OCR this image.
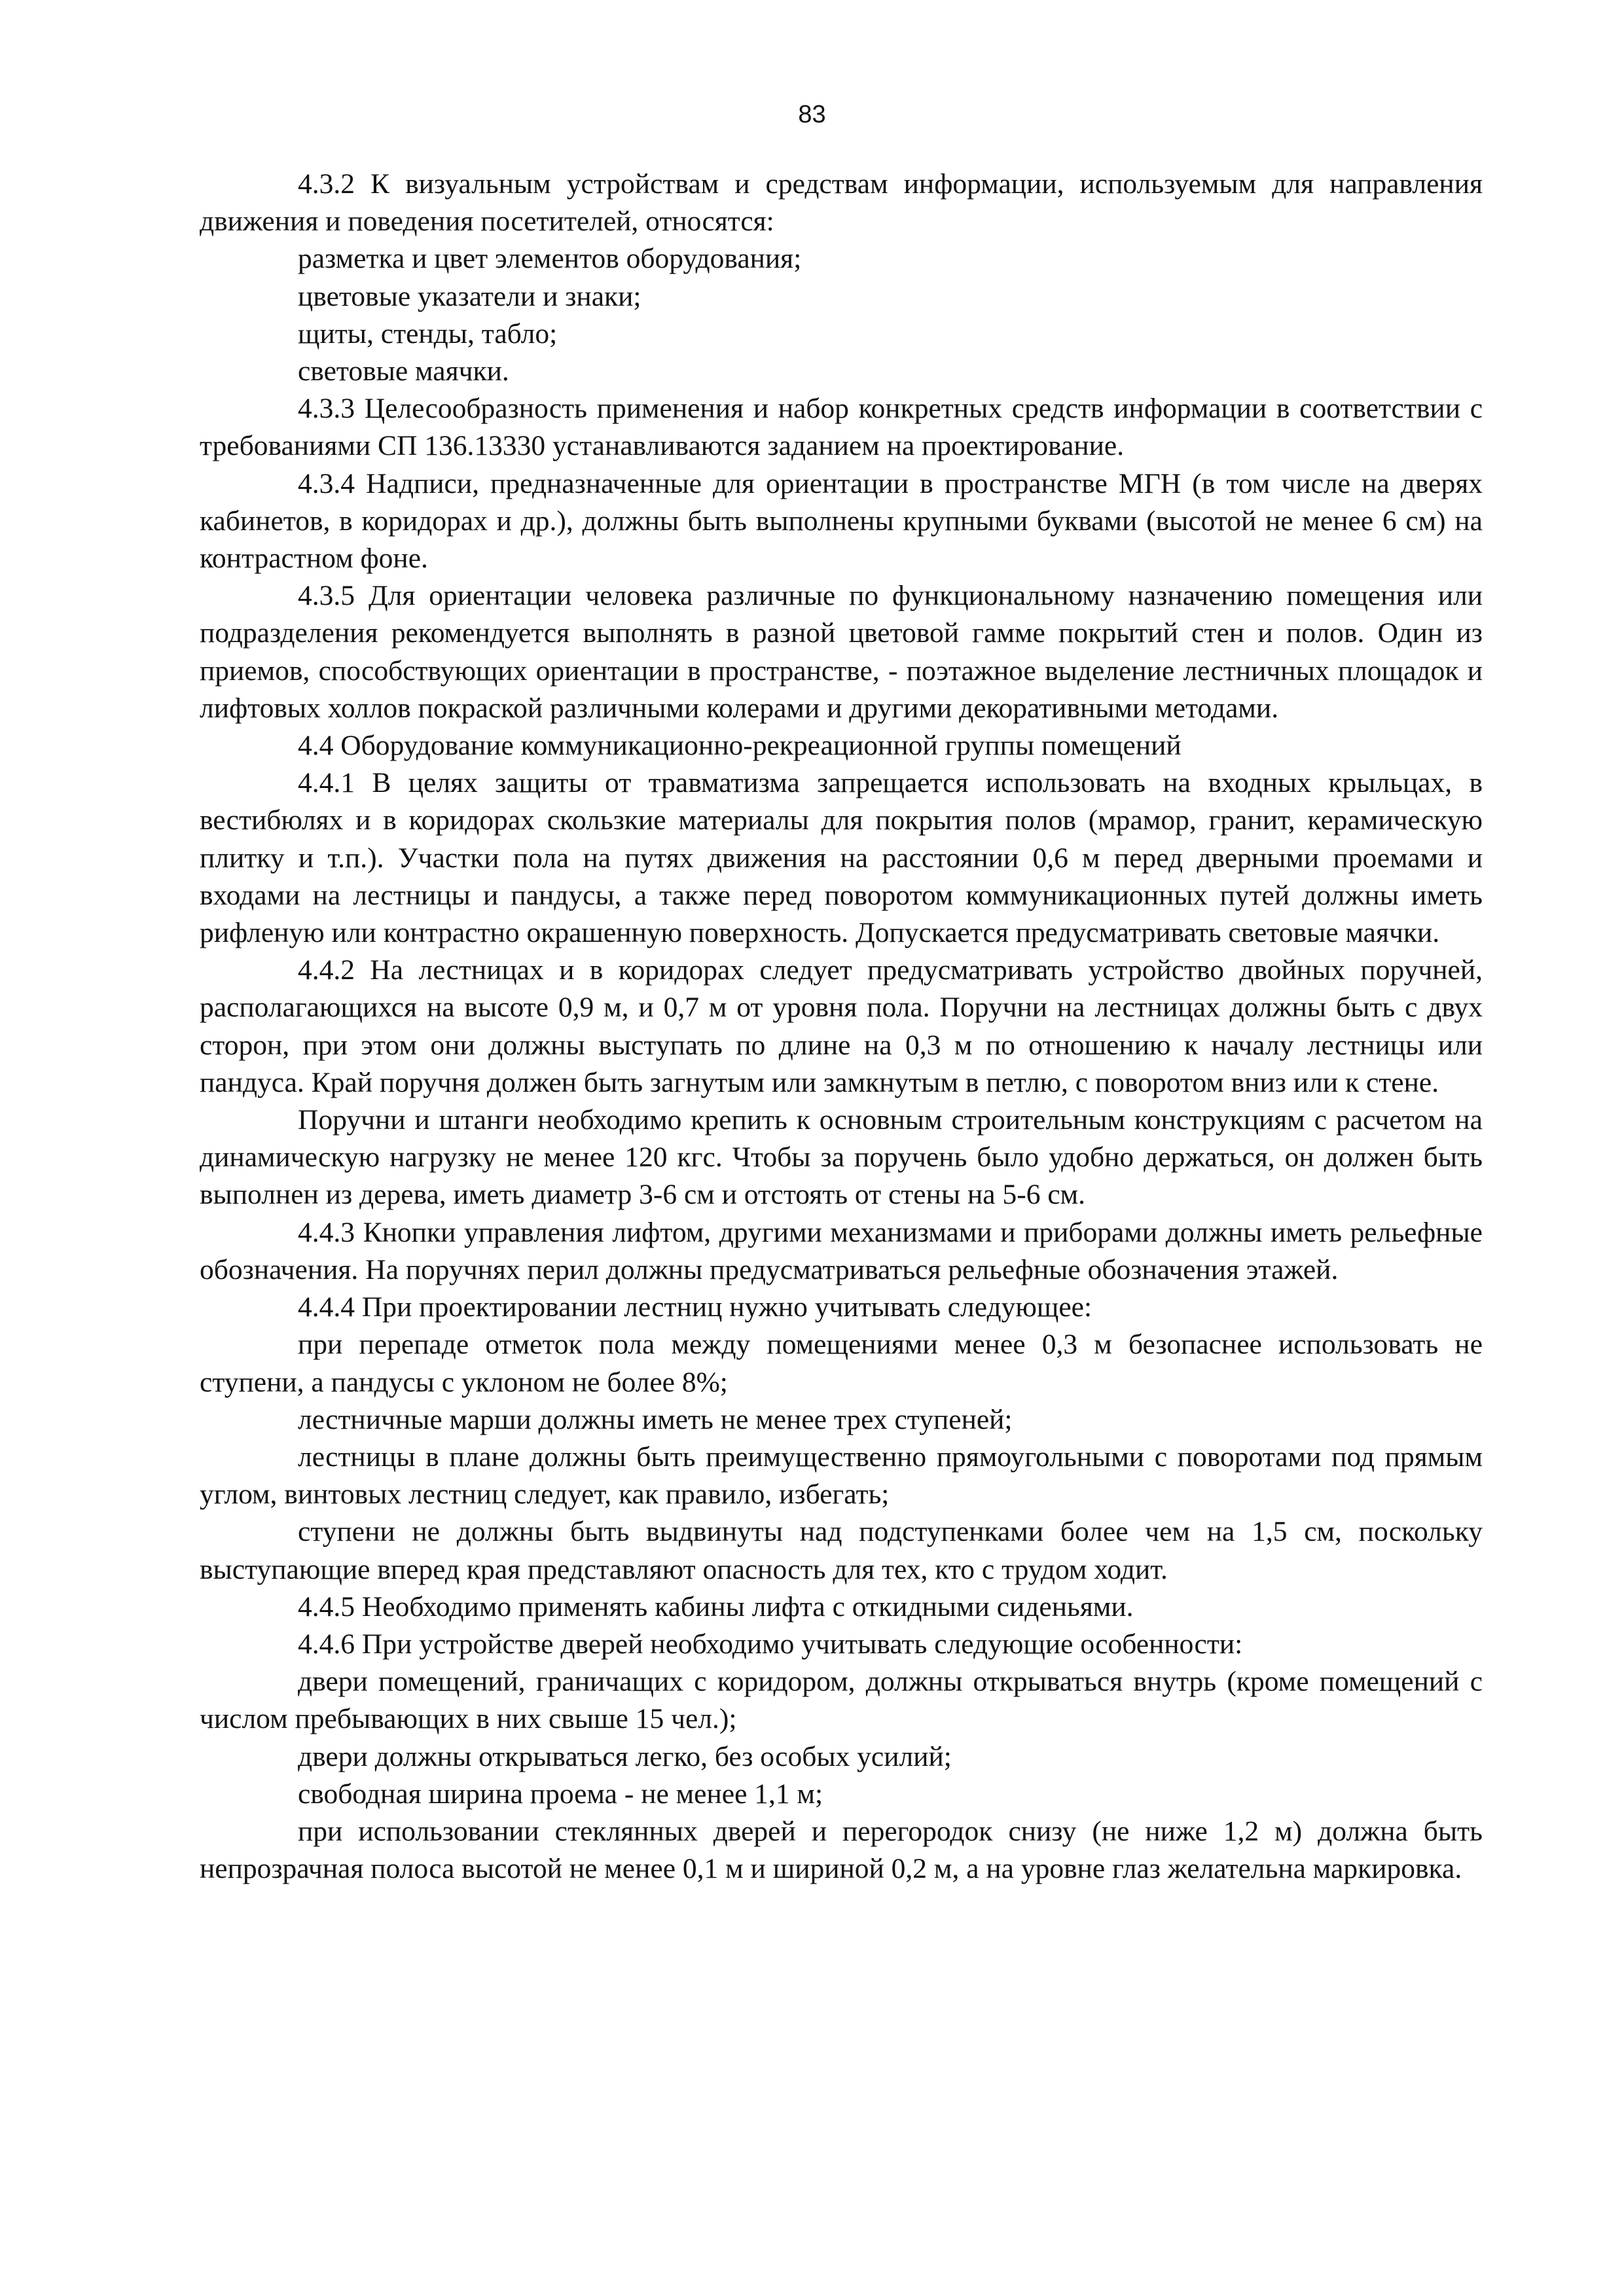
83

4.3.2 К визуальным устройствам и средствам информации, используемым для направления движения и поведения посетителей, относятся:

разметка и цвет элементов оборудования;

цветовые указатели и знаки;

щиты, стенды, табло;

световые маячки.

4.3.3 Целесообразность применения и набор конкретных средств информации в соответствии с требованиями СП 136.13330 устанавливаются заданием на проектирование.

4.3.4 Надписи, предназначенные для ориентации в пространстве МГН (в том числе на дверях кабинетов, в коридорах и др.), должны быть выполнены крупными буквами (высотой не менее 6 см) на контрастном фоне.

4.3.5 Для ориентации человека различные по функциональному назначению помещения или подразделения рекомендуется выполнять в разной цветовой гамме покрытий стен и полов. Один из приемов, способствующих ориентации в пространстве, - поэтажное выделение лестничных площадок и лифтовых холлов покраской различными колерами и другими декоративными методами.

4.4 Оборудование коммуникационно-рекреационной группы помещений

4.4.1 В целях защиты от травматизма запрещается использовать на входных крыльцах, в вестибюлях и в коридорах скользкие материалы для покрытия полов (мрамор, гранит, керамическую плитку и т.п.). Участки пола на путях движения на расстоянии 0,6 м перед дверными проемами и входами на лестницы и пандусы, а также перед поворотом коммуникационных путей должны иметь рифленую или контрастно окрашенную поверхность. Допускается предусматривать световые маячки.

4.4.2 На лестницах и в коридорах следует предусматривать устройство двойных поручней, располагающихся на высоте 0,9 м, и 0,7 м от уровня пола. Поручни на лестницах должны быть с двух сторон, при этом они должны выступать по длине на 0,3 м по отношению к началу лестницы или пандуса. Край поручня должен быть загнутым или замкнутым в петлю, с поворотом вниз или к стене.

Поручни и штанги необходимо крепить к основным строительным конструкциям с расчетом на динамическую нагрузку не менее 120 кгс. Чтобы за поручень было удобно держаться, он должен быть выполнен из дерева, иметь диаметр 3-6 см и отстоять от стены на 5-6 см.

4.4.3 Кнопки управления лифтом, другими механизмами и приборами должны иметь рельефные обозначения. На поручнях перил должны предусматриваться рельефные обозначения этажей.

4.4.4 При проектировании лестниц нужно учитывать следующее:

при перепаде отметок пола между помещениями менее 0,3 м безопаснее использовать не ступени, а пандусы с уклоном не более 8%;

лестничные марши должны иметь не менее трех ступеней;

лестницы в плане должны быть преимущественно прямоугольными с поворотами под прямым углом, винтовых лестниц следует, как правило, избегать;

ступени не должны быть выдвинуты над подступенками более чем на 1,5 см, поскольку выступающие вперед края представляют опасность для тех, кто с трудом ходит.

4.4.5 Необходимо применять кабины лифта с откидными сиденьями.

4.4.6 При устройстве дверей необходимо учитывать следующие особенности:

двери помещений, граничащих с коридором, должны открываться внутрь (кроме помещений с числом пребывающих в них свыше 15 чел.);

двери должны открываться легко, без особых усилий;

свободная ширина проема - не менее 1,1 м;

при использовании стеклянных дверей и перегородок снизу (не ниже 1,2 м) должна быть непрозрачная полоса высотой не менее 0,1 м и шириной 0,2 м, а на уровне глаз желательна маркировка.
